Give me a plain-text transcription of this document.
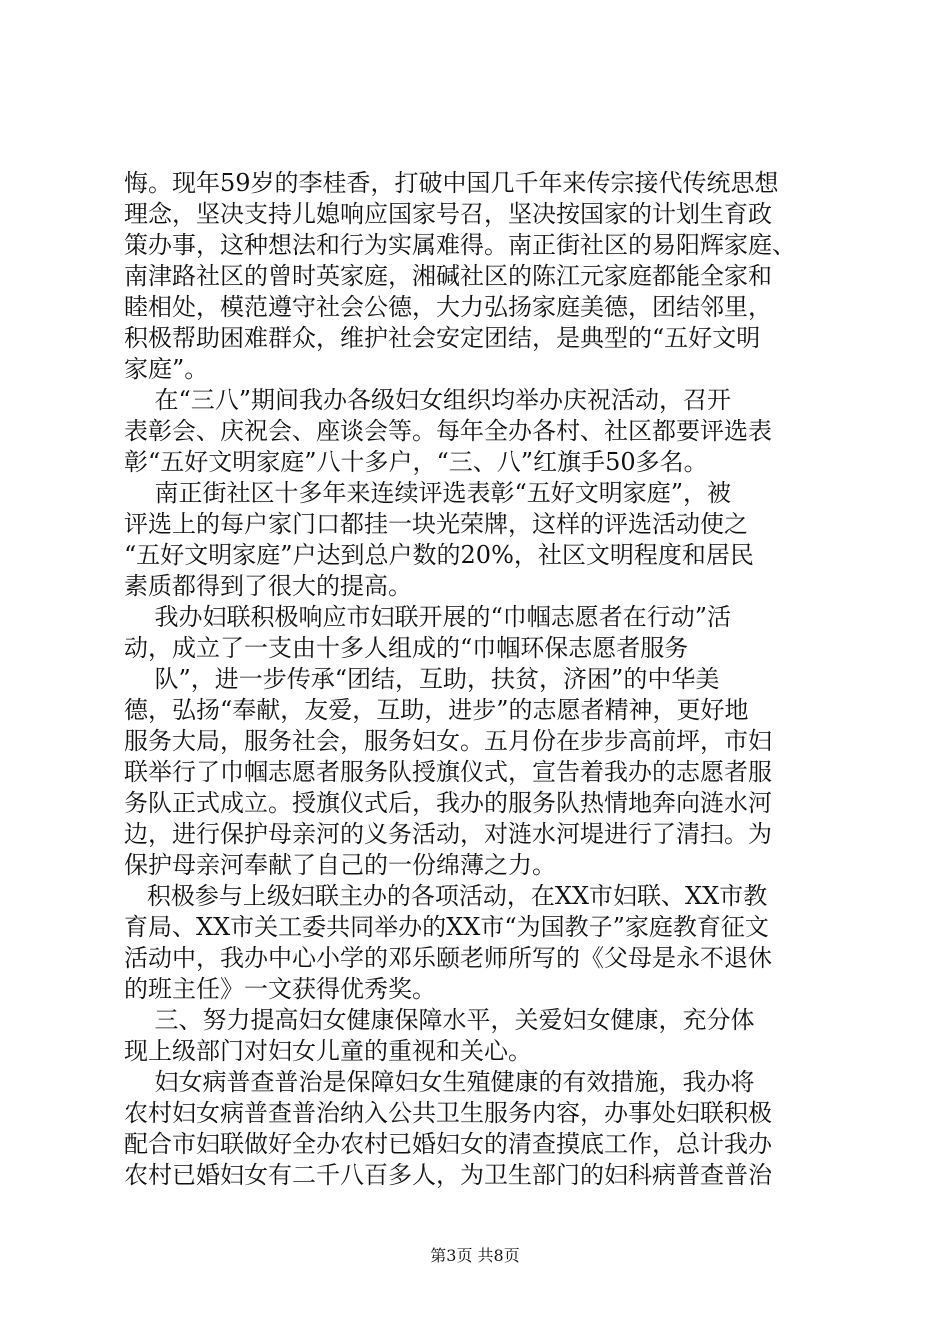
悔。现年59岁的李桂香，打破中国几千年来传宗接代传统思想
理念，坚决支持儿媳响应国家号召，坚决按国家的计划生育政
策办事，这种想法和行为实属难得。南正街社区的易阳辉家庭、
南津路社区的曾时英家庭，湘碱社区的陈江元家庭都能全家和
睦相处，模范遵守社会公德，大力弘扬家庭美德，团结邻里，
积极帮助困难群众，维护社会安定团结，是典型的“五好文明
家庭”。
在“三八”期间我办各级妇女组织均举办庆祝活动，召开
表彰会、庆祝会、座谈会等。每年全办各村、社区都要评选表
彰“五好文明家庭”八十多户，“三、八”红旗手50多名。
南正街社区十多年来连续评选表彰“五好文明家庭”，被
评选上的每户家门口都挂一块光荣牌，这样的评选活动使之
“五好文明家庭”户达到总户数的20%，社区文明程度和居民
素质都得到了很大的提高。
我办妇联积极响应市妇联开展的“巾帼志愿者在行动”活
动，成立了一支由十多人组成的“巾帼环保志愿者服务
队”，进一步传承“团结，互助，扶贫，济困”的中华美
德，弘扬“奉献，友爱，互助，进步”的志愿者精神，更好地
服务大局，服务社会，服务妇女。五月份在步步高前坪，市妇
联举行了巾帼志愿者服务队授旗仪式，宣告着我办的志愿者服
务队正式成立。授旗仪式后，我办的服务队热情地奔向涟水河
边，进行保护母亲河的义务活动，对涟水河堤进行了清扫。为
保护母亲河奉献了自己的一份绵薄之力。
积极参与上级妇联主办的各项活动，在XX市妇联、XX市教
育局、XX市关工委共同举办的XX市“为国教子”家庭教育征文
活动中，我办中心小学的邓乐颐老师所写的《父母是永不退休
的班主任》一文获得优秀奖。
三、努力提高妇女健康保障水平，关爱妇女健康，充分体
现上级部门对妇女儿童的重视和关心。
妇女病普查普治是保障妇女生殖健康的有效措施，我办将
农村妇女病普查普治纳入公共卫生服务内容，办事处妇联积极
配合市妇联做好全办农村已婚妇女的清查摸底工作，总计我办
农村已婚妇女有二千八百多人，为卫生部门的妇科病普查普治
第3页 共8页
